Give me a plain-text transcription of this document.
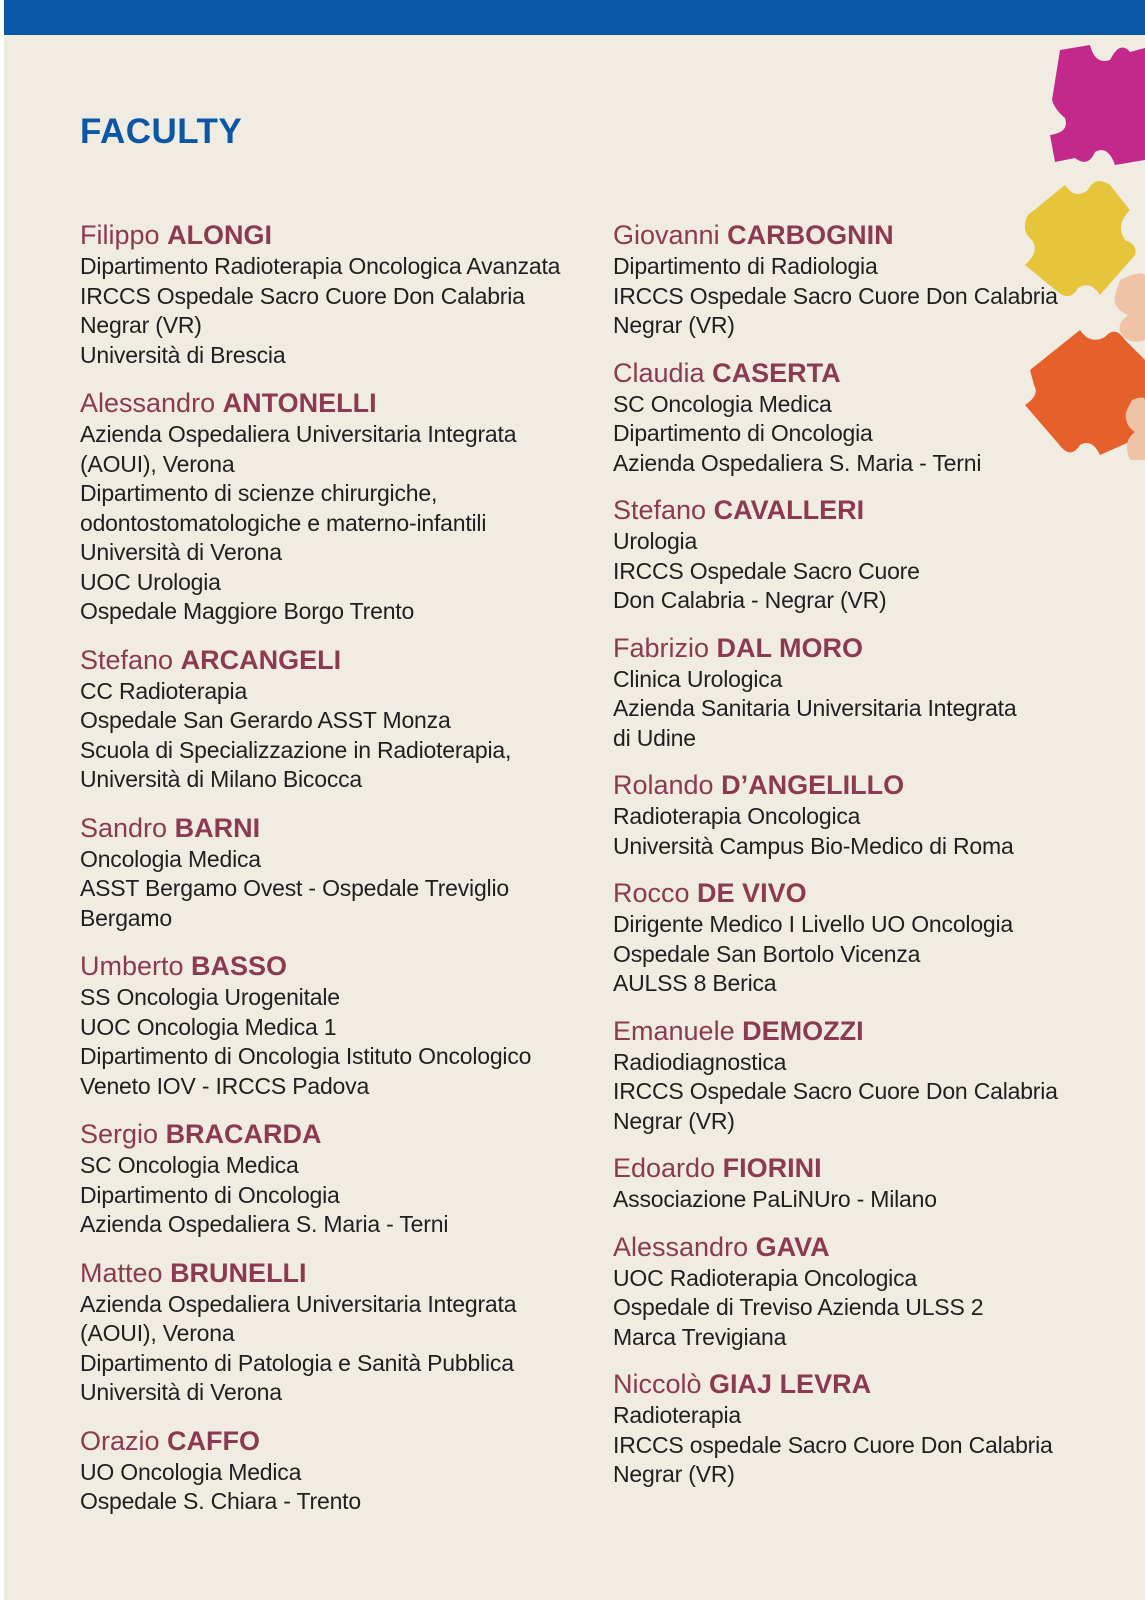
FACULTY

Filippo ALONGI

Dipartimento Radioterapia Oncologica Avanzata

IRCCS Ospedale Sacro Cuore Don Calabria

Negrar (VR)

Università di Brescia

Alessandro ANTONELLI

Azienda Ospedaliera Universitaria Integrata

(AOUI), Verona

Dipartimento di scienze chirurgiche,

odontostomatologiche e materno-infantili

Università di Verona

UOC Urologia

Ospedale Maggiore Borgo Trento

Stefano ARCANGELI

CC Radioterapia

Ospedale San Gerardo ASST Monza

Scuola di Specializzazione in Radioterapia,

Università di Milano Bicocca

Sandro BARNI

Oncologia Medica

ASST Bergamo Ovest - Ospedale Treviglio

Bergamo

Umberto BASSO

SS Oncologia Urogenitale

UOC Oncologia Medica 1

Dipartimento di Oncologia Istituto Oncologico

Veneto IOV - IRCCS Padova

Sergio BRACARDA

SC Oncologia Medica

Dipartimento di Oncologia

Azienda Ospedaliera S. Maria - Terni

Matteo BRUNELLI

Azienda Ospedaliera Universitaria Integrata

(AOUI), Verona

Dipartimento di Patologia e Sanità Pubblica

Università di Verona

Orazio CAFFO

UO Oncologia Medica

Ospedale S. Chiara - Trento

Giovanni CARBOGNIN

Dipartimento di Radiologia

IRCCS Ospedale Sacro Cuore Don Calabria

Negrar (VR)

Claudia CASERTA

SC Oncologia Medica

Dipartimento di Oncologia

Azienda Ospedaliera S. Maria - Terni

Stefano CAVALLERI

Urologia

IRCCS Ospedale Sacro Cuore

Don Calabria - Negrar (VR)

Fabrizio DAL MORO

Clinica Urologica

Azienda Sanitaria Universitaria Integrata

di Udine

Rolando D’ANGELILLO

Radioterapia Oncologica

Università Campus Bio-Medico di Roma

Rocco DE VIVO

Dirigente Medico I Livello UO Oncologia

Ospedale San Bortolo Vicenza

AULSS 8 Berica

Emanuele DEMOZZI

Radiodiagnostica

IRCCS Ospedale Sacro Cuore Don Calabria

Negrar (VR)

Edoardo FIORINI

Associazione PaLiNUro - Milano

Alessandro GAVA

UOC Radioterapia Oncologica

Ospedale di Treviso Azienda ULSS 2

Marca Trevigiana

Niccolò GIAJ LEVRA

Radioterapia

IRCCS ospedale Sacro Cuore Don Calabria

Negrar (VR)
